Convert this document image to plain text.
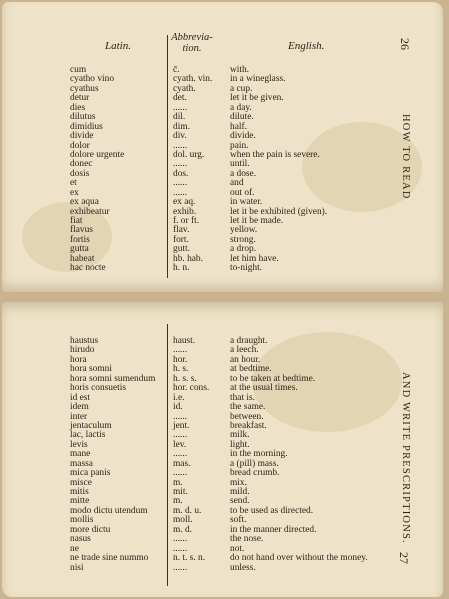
Latin.
Abbrevia-
tion.	English.
cum
cyatho vino
cyathus
detur
dies
dilutus
dimidius
divide
dolor
dolore urgente
donec
dosis
et
ex
ex aqua
exhibeatur
fiat
flavus
fortis
gutta
habeat
hac nocte
c̄.
cyath. vin.
cyath.
det.
......
dil.
dim.
div.
......
dol. urg.
......
dos.
......
......
ex aq.
exhib.
f. or ft.
flav.
fort.
gutt.
hb. hab.
h. n.
with.
in a wineglass.
a cup.
let it be given.
a day.
dilute.
half.
divide.
pain.
when the pain is severe.
until.
a dose.
and
out of.
in water.
let it be exhibited (given).
let it be made.
yellow.
strong.
a drop.
let him have.
to-night.
26
HOW TO READ
haustus
hirudo
hora
hora somni
hora somni sumendum
horis consuetis
id est
idem
inter
jentaculum
lac, lactis
levis
mane
massa
mica panis
misce
mitis
mitte
modo dictu utendum
mollis
more dictu
nasus
ne
ne trade sine nummo
nisi
haust.
......
hor.
h. s.
h. s. s.
hor. cons.
i.e.
id.
......
jent.
......
lev.
......
mas.
......
m.
mit.
m.
m. d. u.
moll.
m. d.
......
......
n. t. s. n.
......
a draught.
a leech.
an hour.
at bedtime.
to be taken at bedtime.
at the usual times.
that is.
the same.
between.
breakfast.
milk.
light.
in the morning.
a (pill) mass.
bread crumb.
mix.
mild.
send.
to be used as directed.
soft.
in the manner directed.
the nose.
not.
do not hand over without the money.
unless.
AND WRITE PRESCRIPTIONS.
27
